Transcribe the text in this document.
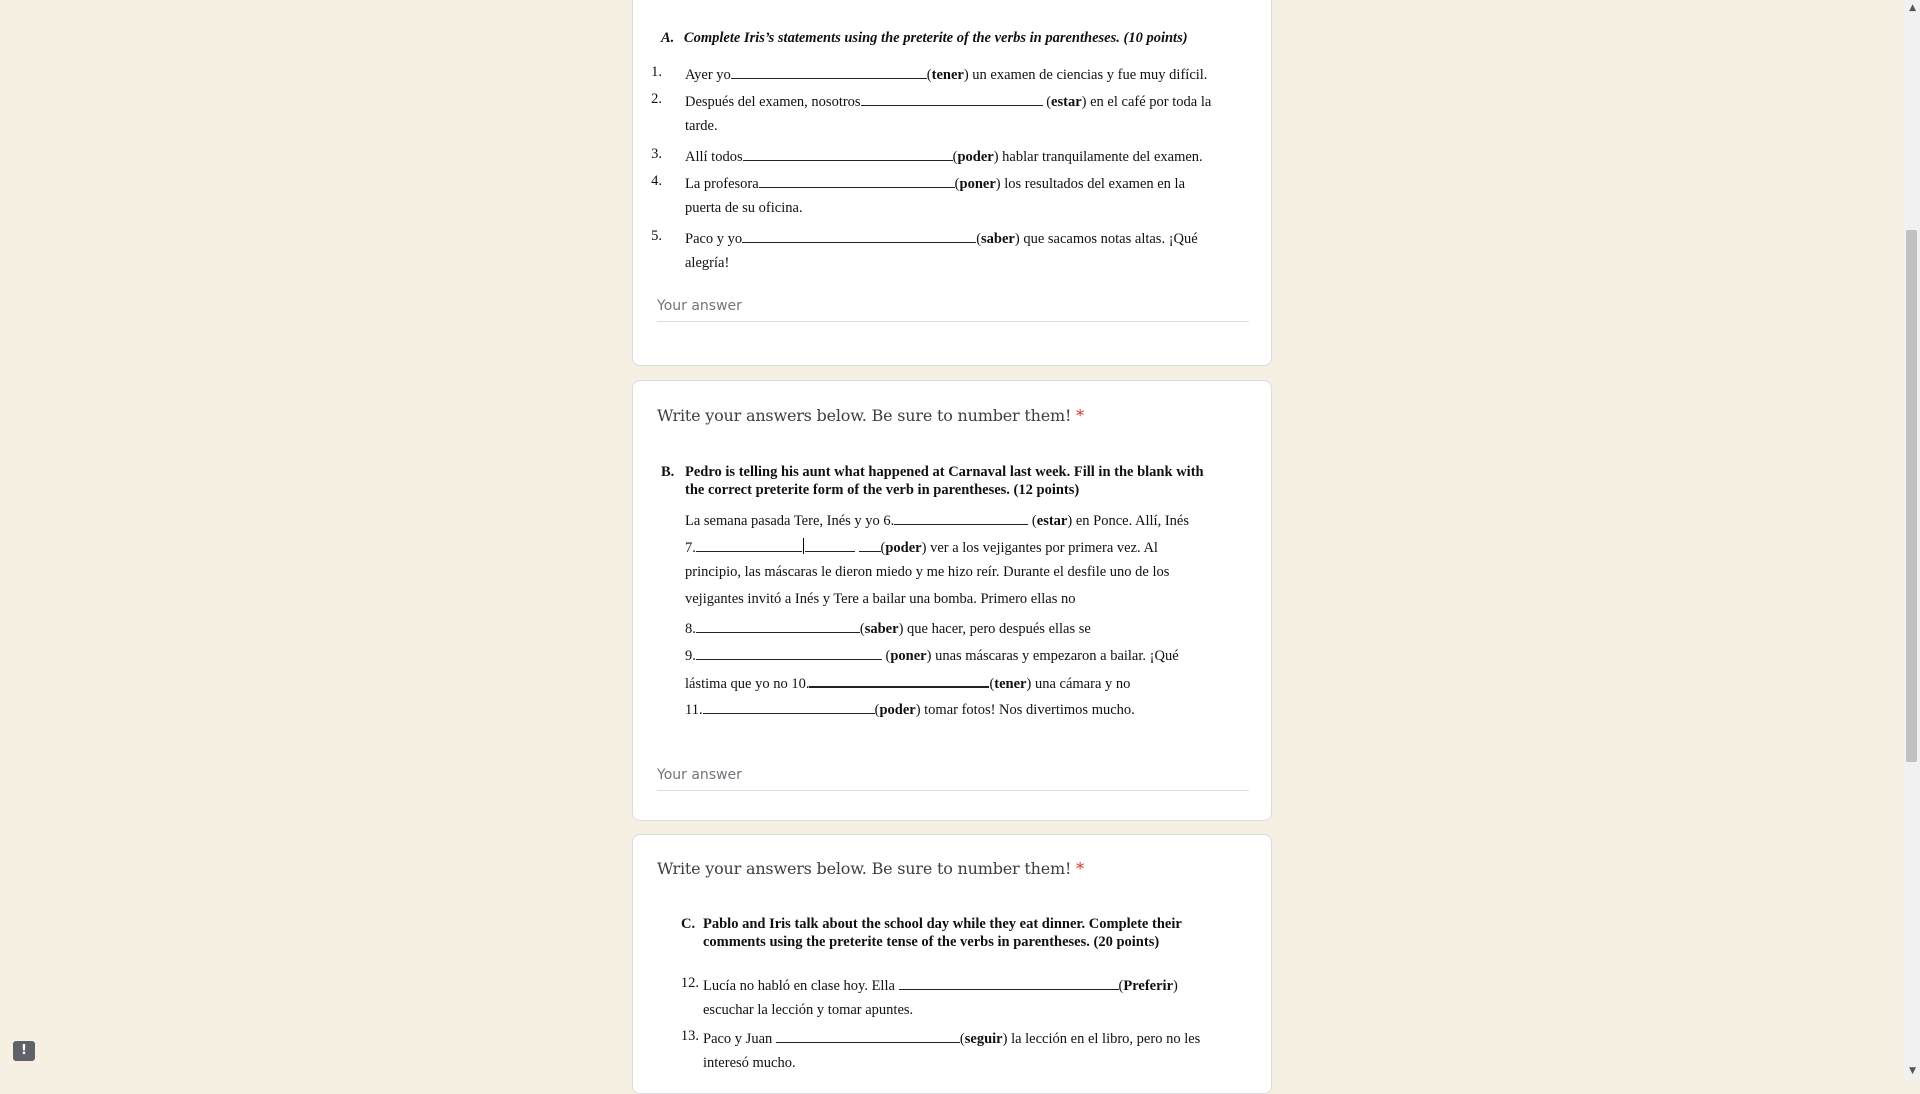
A. Complete Iris’s statements using the preterite of the verbs in parentheses. (10 points)
1. Ayer yo	(tener) un examen de ciencias y fue muy difícil.
2. Después del examen, nosotros	(estar) en el café por toda la
tarde.
3. Allí todos	(poder) hablar tranquilamente del examen.
4. La profesora	(poner) los resultados del examen en la
puerta de su oficina.
5. Paco y yo	(saber) que sacamos notas altas. ¡Qué
alegría!
Your answer
Write your answers below. Be sure to number them! *
B. Pedro is telling his aunt what happened at Carnaval last week. Fill in the blank with
the correct preterite form of the verb in parentheses. (12 points)
La semana pasada Tere, Inés y yo 6.	(estar) en Ponce. Allí, Inés
7.	(poder) ver a los vejigantes por primera vez. Al
principio, las máscaras le dieron miedo y me hizo reír. Durante el desfile uno de los
vejigantes invitó a Inés y Tere a bailar una bomba. Primero ellas no
8.	(saber) que hacer, pero después ellas se
9.	(poner) unas máscaras y empezaron a bailar. ¡Qué
lástima que yo no 10.	(tener) una cámara y no
11.	(poder) tomar fotos! Nos divertimos mucho.
Your answer
Write your answers below. Be sure to number them! *
C. Pablo and Iris talk about the school day while they eat dinner. Complete their
comments using the preterite tense of the verbs in parentheses. (20 points)
12. Lucía no habló en clase hoy. Ella	(Preferir)
escuchar la lección y tomar apuntes.
13. Paco y Juan	(seguir) la lección en el libro, pero no les
interesó mucho.
▲
▼
!
